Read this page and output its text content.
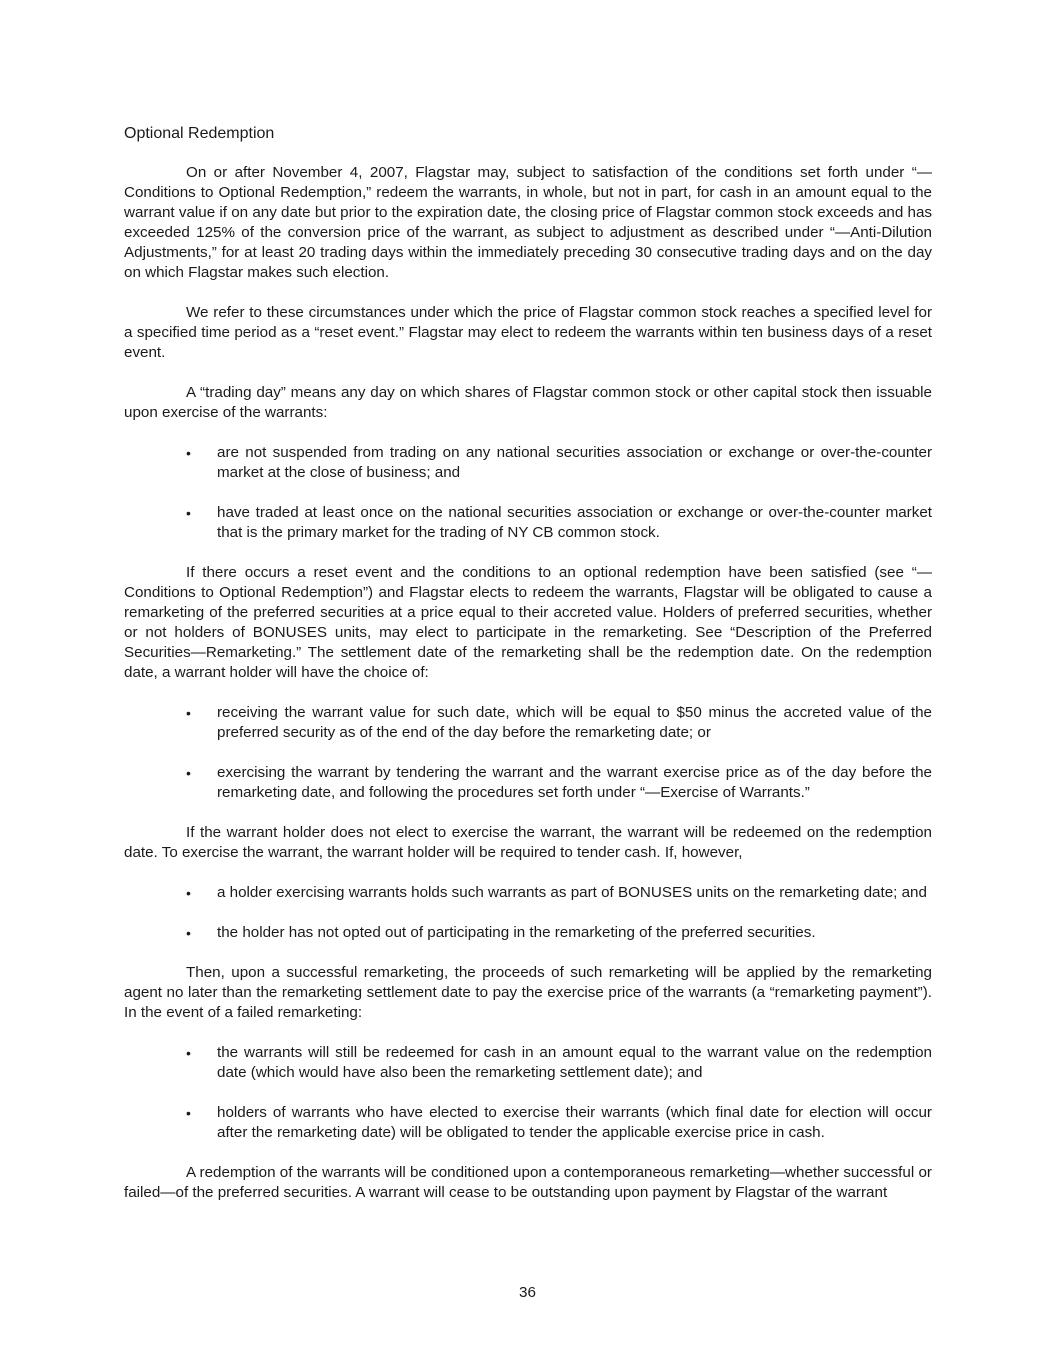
Optional Redemption

On or after November 4, 2007, Flagstar may, subject to satisfaction of the conditions set forth under “—Conditions to Optional Redemption,” redeem the warrants, in whole, but not in part, for cash in an amount equal to the warrant value if on any date but prior to the expiration date, the closing price of Flagstar common stock exceeds and has exceeded 125% of the conversion price of the warrant, as subject to adjustment as described under “—Anti-Dilution Adjustments,” for at least 20 trading days within the immediately preceding 30 consecutive trading days and on the day on which Flagstar makes such election.

We refer to these circumstances under which the price of Flagstar common stock reaches a specified level for a specified time period as a “reset event.” Flagstar may elect to redeem the warrants within ten business days of a reset event.

A “trading day” means any day on which shares of Flagstar common stock or other capital stock then issuable upon exercise of the warrants:

• are not suspended from trading on any national securities association or exchange or over-the-counter market at the close of business; and
• have traded at least once on the national securities association or exchange or over-the-counter market that is the primary market for the trading of NY CB common stock.

If there occurs a reset event and the conditions to an optional redemption have been satisfied (see “—Conditions to Optional Redemption”) and Flagstar elects to redeem the warrants, Flagstar will be obligated to cause a remarketing of the preferred securities at a price equal to their accreted value. Holders of preferred securities, whether or not holders of BONUSES units, may elect to participate in the remarketing. See “Description of the Preferred Securities—Remarketing.” The settlement date of the remarketing shall be the redemption date. On the redemption date, a warrant holder will have the choice of:

• receiving the warrant value for such date, which will be equal to $50 minus the accreted value of the preferred security as of the end of the day before the remarketing date; or
• exercising the warrant by tendering the warrant and the warrant exercise price as of the day before the remarketing date, and following the procedures set forth under “—Exercise of Warrants.”

If the warrant holder does not elect to exercise the warrant, the warrant will be redeemed on the redemption date. To exercise the warrant, the warrant holder will be required to tender cash. If, however,

• a holder exercising warrants holds such warrants as part of BONUSES units on the remarketing date; and
• the holder has not opted out of participating in the remarketing of the preferred securities.

Then, upon a successful remarketing, the proceeds of such remarketing will be applied by the remarketing agent no later than the remarketing settlement date to pay the exercise price of the warrants (a “remarketing payment”). In the event of a failed remarketing:

• the warrants will still be redeemed for cash in an amount equal to the warrant value on the redemption date (which would have also been the remarketing settlement date); and
• holders of warrants who have elected to exercise their warrants (which final date for election will occur after the remarketing date) will be obligated to tender the applicable exercise price in cash.

A redemption of the warrants will be conditioned upon a contemporaneous remarketing—whether successful or failed—of the preferred securities. A warrant will cease to be outstanding upon payment by Flagstar of the warrant

36
